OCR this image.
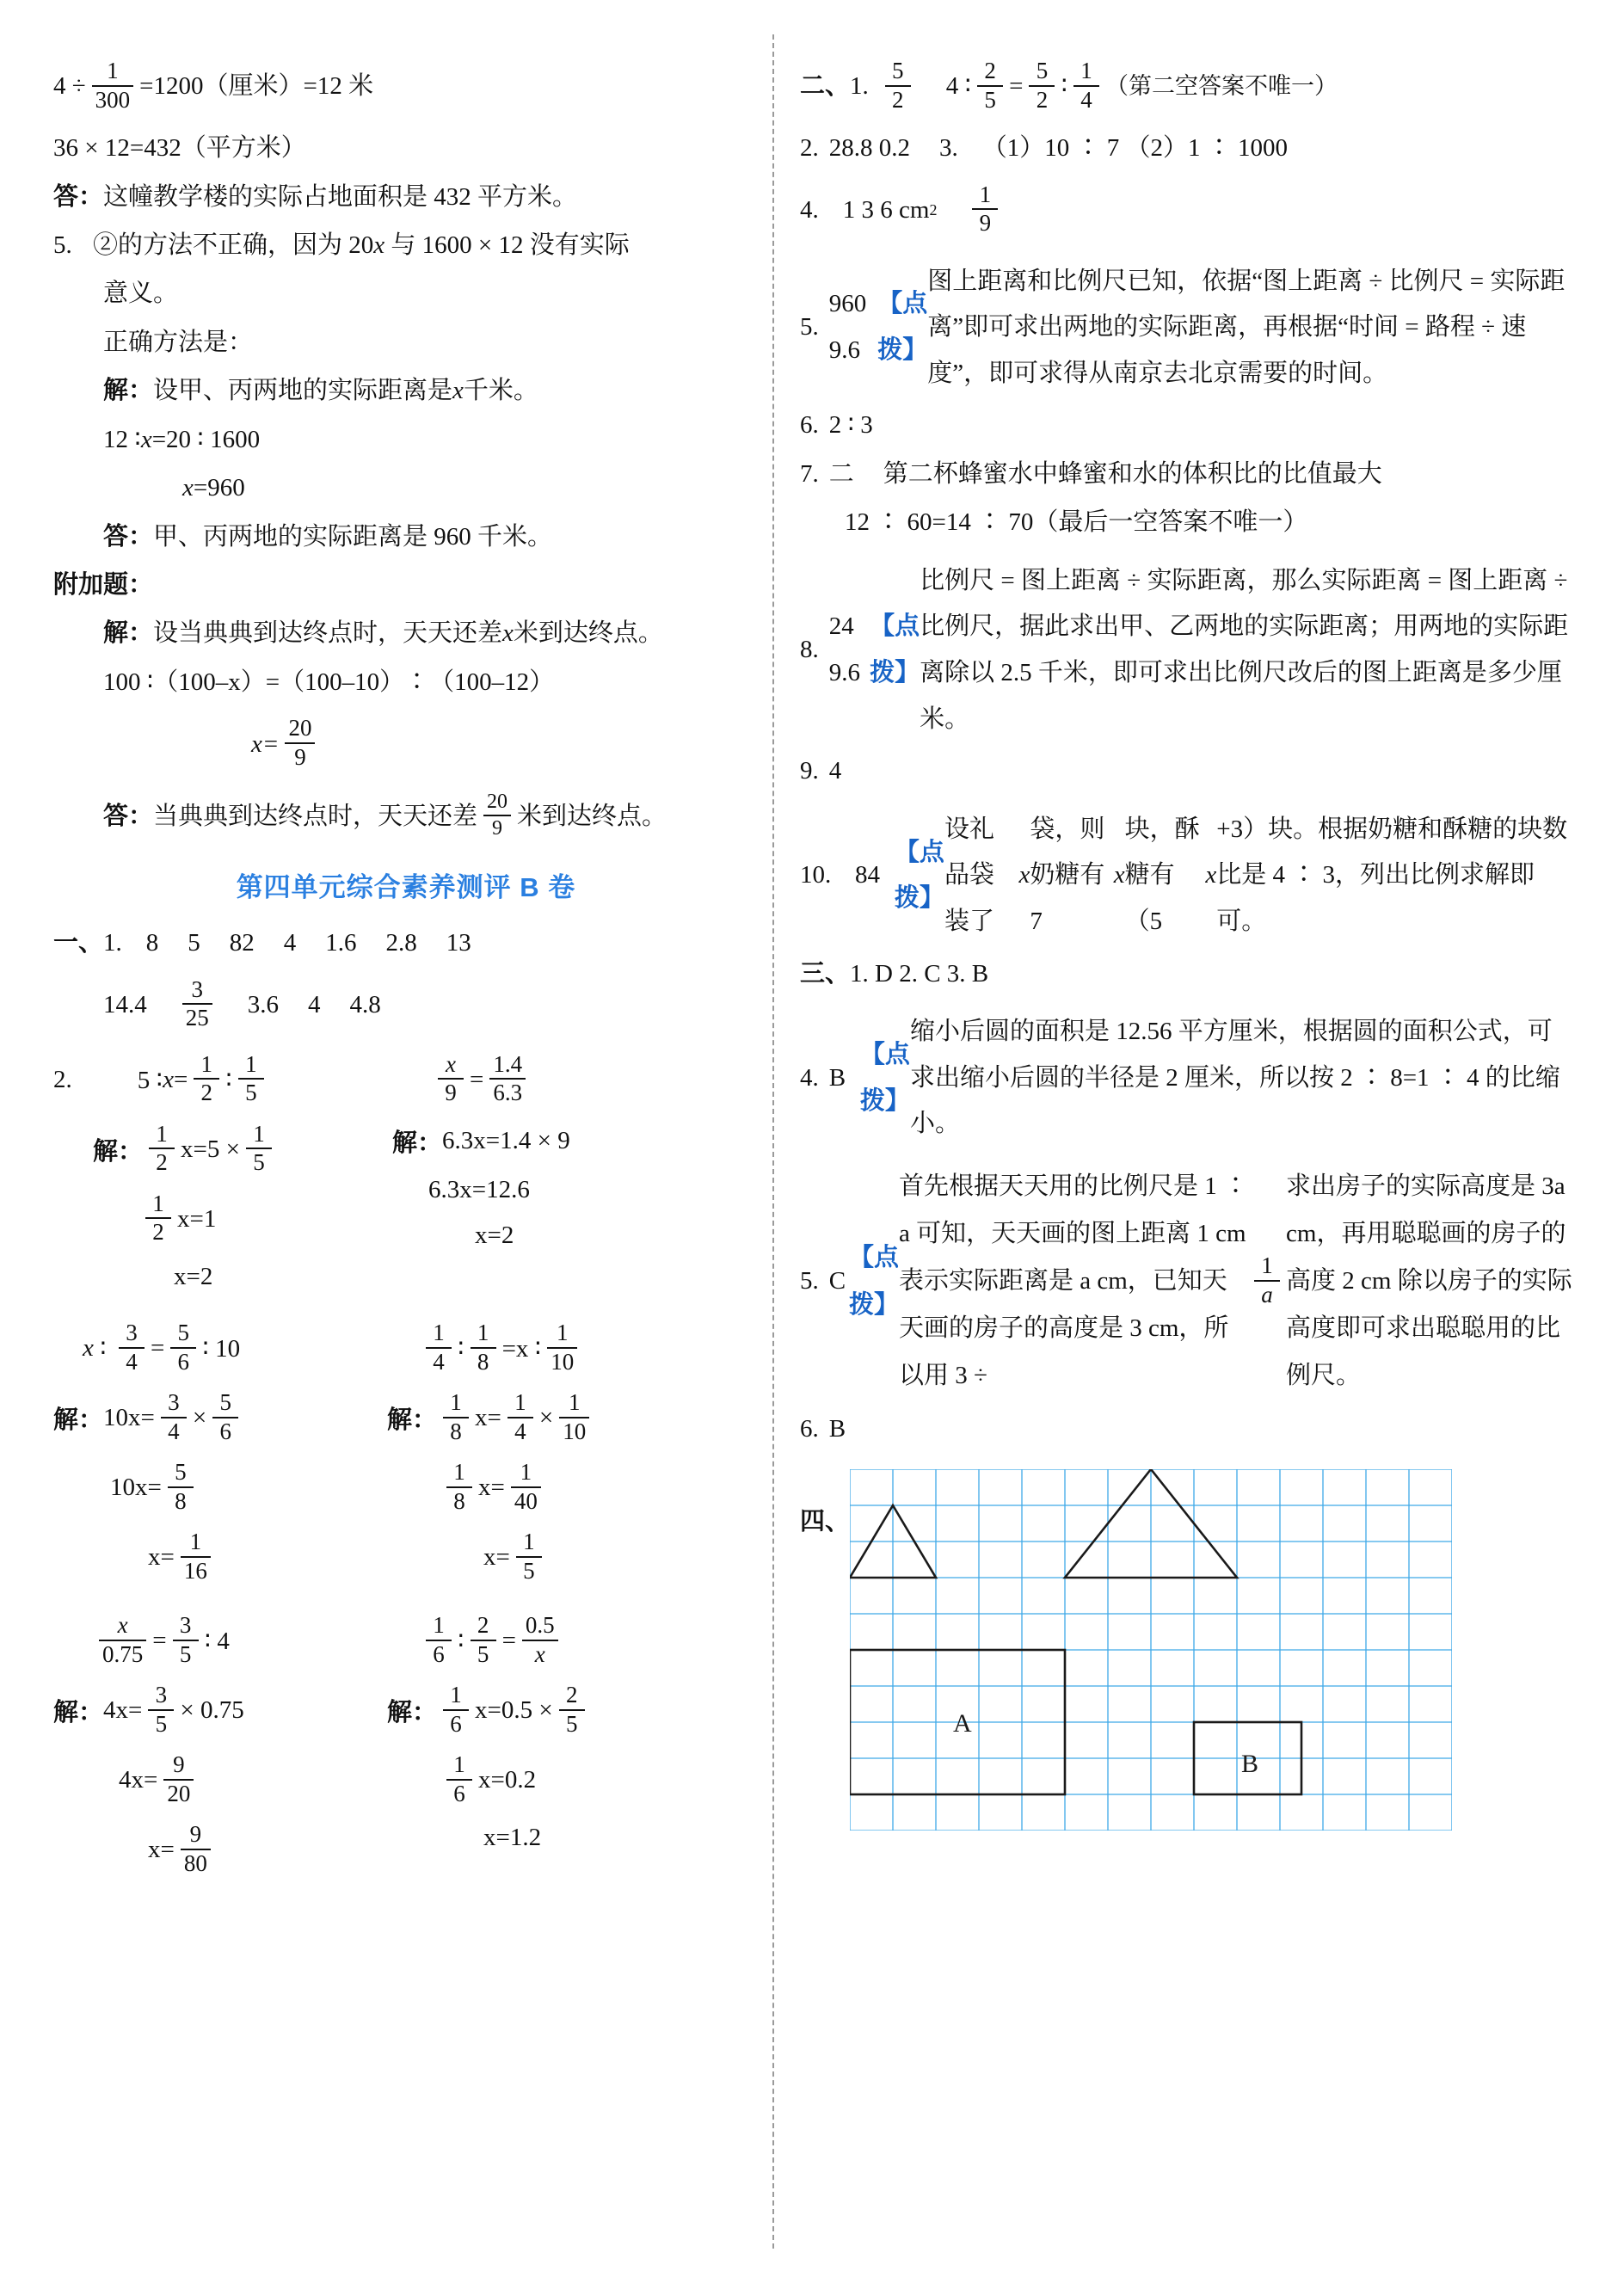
$4 \div \frac{1}{300} =1200$（厘米）=12 米
36 × 12=432（平方米）
答： 这幢教学楼的实际占地面积是 432 平方米。
5. ②的方法不正确，因为 20 x
与 1600 × 12 没有实际
意义。
正确方法是：
解： 设甲、丙两地的实际距离是 x 千米。
12 ∶ x =20 ∶ 1600
x =960
答： 甲、丙两地的实际距离是 960 千米。
附加题：
解： 设当典典到达终点时，天天还差 x 米到达终点。
100 ∶（100–x）=（100–10）∶（100–12）
$x= \frac{20}{9}$
答： 当典典到达终点时，天天还差 $\frac{20}{9}$ 米到达终点。
第四单元综合素养测评 B 卷
一、 1. 8 5 82 4 1.6 2.8 13
$14.4 \frac{3}{25} 3.6$ 4 4.8
2.	5 ∶ $x = \frac{1}{2}$ ∶ $\frac{1}{5}$
解： $\frac{1}{2} x=5 \times \frac{1}{5}$
$\frac{1}{2} x=1$
x=2
$\frac{x}{9} = \frac{1.4}{6.3}$
解： 6.3x=1.4 × 9
6.3x=12.6
x=2
x ∶ $\frac{3}{4} = \frac{5}{6}$ ∶ 10
解： $10x= \frac{3}{4} \times \frac{5}{6}$
$10x= \frac{5}{8}$
$x= \frac{1}{16}$
$\frac{1}{4}$ ∶ $\frac{1}{8} =x$ ∶ $\frac{1}{10}$
解： $\frac{1}{8} x= \frac{1}{4} \times \frac{1}{10}$
$\frac{1}{8} x= \frac{1}{40}$
$x= \frac{1}{5}$
$\frac{x}{0.75} = \frac{3}{5}$ ∶ 4
解： $4x= \frac{3}{5} \times 0.75$
$4x= \frac{9}{20}$
$x= \frac{9}{80}$
$\frac{1}{6}$ ∶ $\frac{2}{5} = \frac{0.5}{x}$
解： $\frac{1}{6} x=0.5 \times \frac{2}{5}$
$\frac{1}{6} x=0.2$
x=1.2
二、 1. $\frac{5}{2} 4$ ∶ $\frac{2}{5} = \frac{5}{2}$ ∶ $\frac{1}{4}$ （第二空答案不唯一）
2. 28.8 0.2 3. （1）10 ∶ 7 （2）1 ∶ 1000
4. 1 3 6 cm $2 \frac{1}{9}$
5.
960 9.6
【点拨】
图上距离和比例尺已知，依据“图上距离 ÷ 比例尺 = 实际距离”即可求出两地的实际距离，再根据“时间 = 路程 ÷ 速度”，即可求得从南京去北京需要的时间。
6. 2 ∶ 3
7. 二 第二杯蜂蜜水中蜂蜜和水的体积比的比值最大
12 ∶ 60=14 ∶ 70（最后一空答案不唯一）
8.
24 9.6
【点拨】
比例尺 = 图上距离 ÷ 实际距离，那么实际距离 = 图上距离 ÷ 比例尺，据此求出甲、乙两地的实际距离；用两地的实际距离除以 2.5 千米，即可求出比例尺改后的图上距离是多少厘米。
9. 4
10. 84
【点拨】
设礼品袋装了
x
袋，则奶糖有 7
x
块，酥糖有（5
x
+3）块。根据奶糖和酥糖的块数比是 4 ∶ 3，列出比例求解即可。
三、 1. D 2. C 3. B
4. B
【点拨】
缩小后圆的面积是 12.56 平方厘米，根据圆的面积公式，可求出缩小后圆的半径是 2 厘米，所以按 2 ∶ 8=1 ∶ 4 的比缩小。
5. C
【点拨】
首先根据天天用的比例尺是 1 ∶ a 可知，天天画的图上距离 1 cm 表示实际距离是 a cm，已知天天画的房子的高度是 3 cm，所以用 3 ÷
$\frac{1}{a}$
求出房子的实际高度是 3a cm，再用聪聪画的房子的高度 2 cm 除以房子的实际高度即可求出聪聪用的比例尺。
6. B
四、
A
B
